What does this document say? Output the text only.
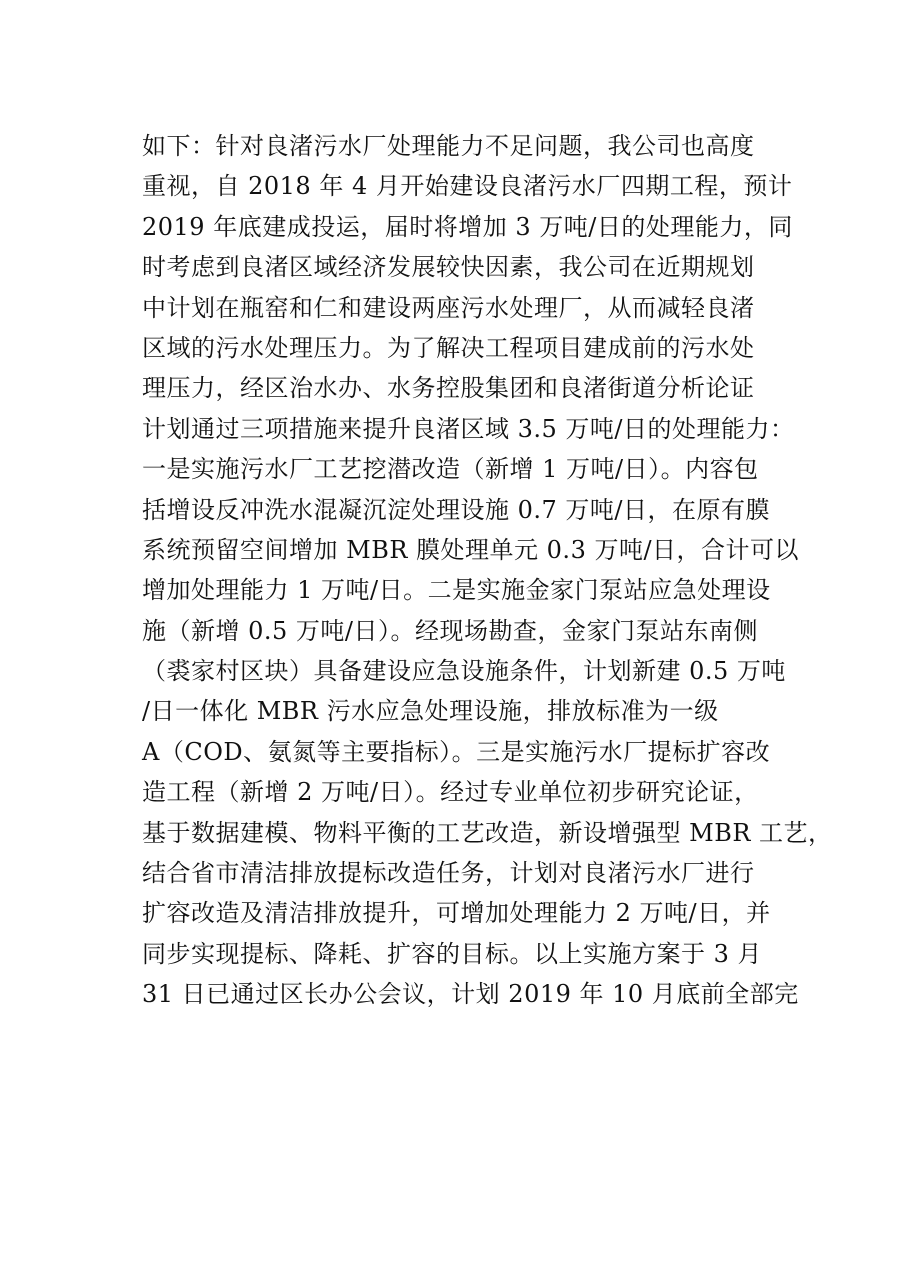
如下：针对良渚污水厂处理能力不足问题，我公司也高度
重视，自 2018 年 4 月开始建设良渚污水厂四期工程，预计
2019 年底建成投运，届时将增加 3 万吨/日的处理能力，同
时考虑到良渚区域经济发展较快因素，我公司在近期规划
中计划在瓶窑和仁和建设两座污水处理厂，从而减轻良渚
区域的污水处理压力。为了解决工程项目建成前的污水处
理压力，经区治水办、水务控股集团和良渚街道分析论证
计划通过三项措施来提升良渚区域 3.5 万吨/日的处理能力：
一是实施污水厂工艺挖潜改造（新增 1 万吨/日）。内容包
括增设反冲洗水混凝沉淀处理设施 0.7 万吨/日，在原有膜
系统预留空间增加 MBR 膜处理单元 0.3 万吨/日，合计可以
增加处理能力 1 万吨/日。二是实施金家门泵站应急处理设
施（新增 0.5 万吨/日）。经现场勘查，金家门泵站东南侧
（裘家村区块）具备建设应急设施条件，计划新建 0.5 万吨
/日一体化 MBR 污水应急处理设施，排放标准为一级
A（COD、氨氮等主要指标）。三是实施污水厂提标扩容改
造工程（新增 2 万吨/日）。经过专业单位初步研究论证，
基于数据建模、物料平衡的工艺改造，新设增强型 MBR 工艺，
结合省市清洁排放提标改造任务，计划对良渚污水厂进行
扩容改造及清洁排放提升，可增加处理能力 2 万吨/日，并
同步实现提标、降耗、扩容的目标。以上实施方案于 3 月
31 日已通过区长办公会议，计划 2019 年 10 月底前全部完
